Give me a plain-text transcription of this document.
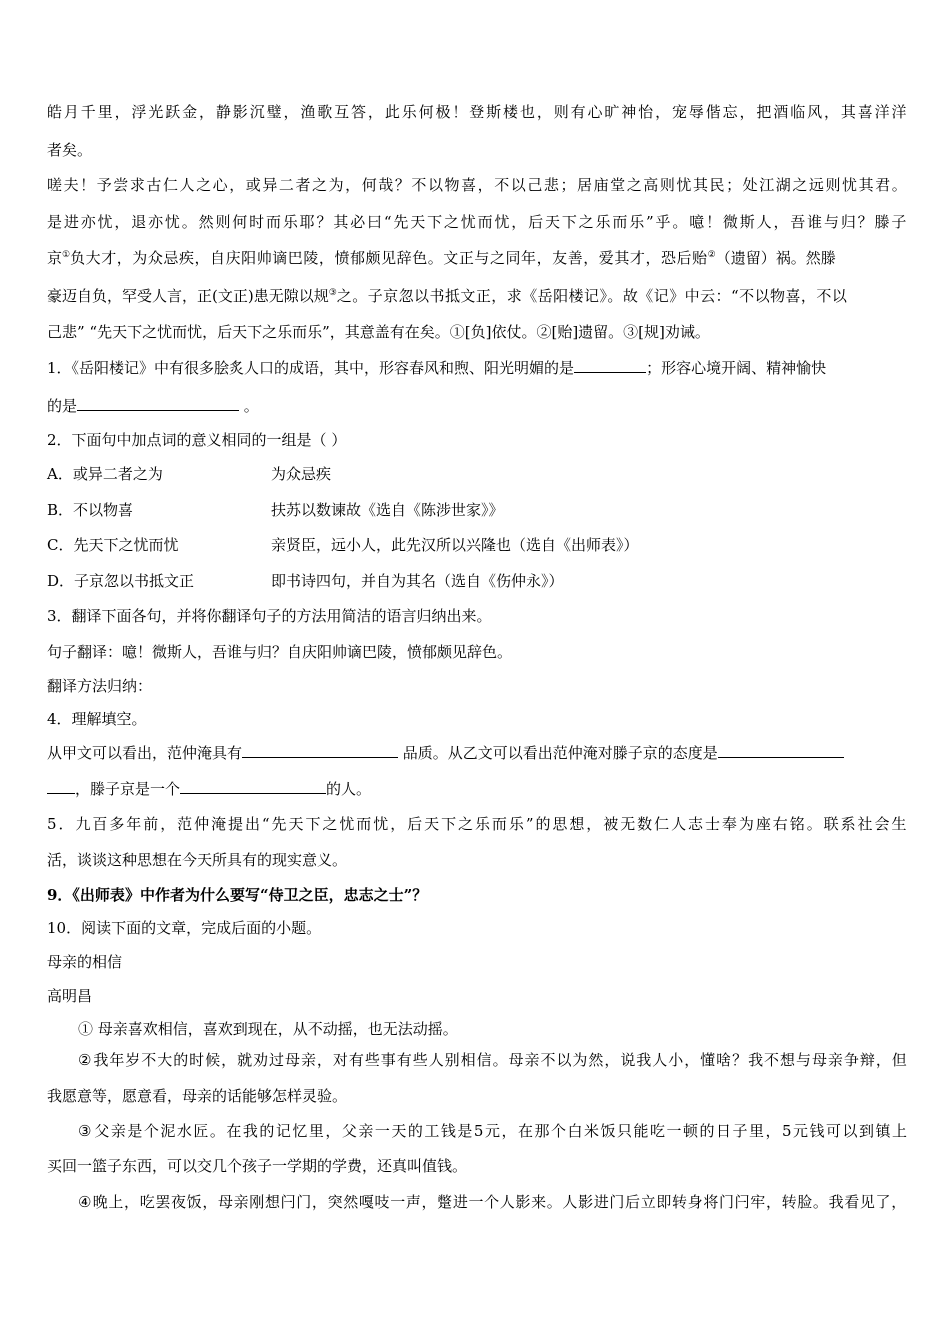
皓 月 千 里 ， 浮 光 跃 金 ， 静 影 沉 璧 ， 渔 歌 互 答 ， 此 乐 何 极 ！ 登 斯 楼 也 ， 则 有 心 旷 神 怡 ， 宠 辱 偕 忘 ， 把 酒 临 风 ， 其 喜 洋 洋
者矣。
嗟 夫 ！ 予 尝 求 古 仁 人 之 心 ， 或 异 二 者 之 为 ， 何 哉 ？ 不 以 物 喜 ， 不 以 己 悲 ； 居 庙 堂 之 高 则 忧 其 民 ； 处 江 湖 之 远 则 忧 其 君 。
是 进 亦 忧 ， 退 亦 忧 。 然 则 何 时 而 乐 耶 ？ 其 必 曰 “ 先 天 下 之 忧 而 忧 ， 后 天 下 之 乐 而 乐 ” 乎 。 噫 ！ 微 斯 人 ， 吾 谁 与 归 ？ 滕 子
京①负大才，为众忌疾，自庆阳帅谪巴陵，愤郁颇见辞色。文正与之同年，友善，爱其才，恐后贻②（遗留）祸。然滕
豪迈自负，罕受人言，正(文正)患无隙以规③之。子京忽以书抵文正，求《岳阳楼记》。故《记》中云：“不以物喜，不以
己悲” “先天下之忧而忧，后天下之乐而乐”，其意盖有在矣。①[负]依仗。②[贻]遗留。③[规]劝诫。
1．《岳阳楼记》中有很多脍炙人口的成语，其中，形容春风和煦、阳光明媚的是	；形容心境开阔、精神愉快
的是	。
2．下面句中加点词的意义相同的一组是（ ）
A．或异二者之为	为众忌疾
B．不以物喜	扶苏以数谏故《选自《陈涉世家》》
C．先天下之忧而忧	亲贤臣，远小人，此先汉所以兴隆也（选自《出师表》）
D．子京忽以书抵文正	即书诗四句，并自为其名（选自《伤仲永》）
3．翻译下面各句，并将你翻译句子的方法用简洁的语言归纳出来。
句子翻译：噫！微斯人，吾谁与归？自庆阳帅谪巴陵，愤郁颇见辞色。
翻译方法归纳：
4．理解填空。
从甲文可以看出，范仲淹具有	品质。从乙文可以看出范仲淹对滕子京的态度是
，滕子京是一个	的人。
5 ． 九 百 多 年 前 ， 范 仲 淹 提 出 “ 先 天 下 之 忧 而 忧 ， 后 天 下 之 乐 而 乐 ” 的 思 想 ， 被 无 数 仁 人 志 士 奉 为 座 右 铭 。 联 系 社 会 生
活，谈谈这种思想在今天所具有的现实意义。
9．《出师表》中作者为什么要写“侍卫之臣，忠志之士”？
10．阅读下面的文章，完成后面的小题。
母亲的相信
高明昌
① 母亲喜欢相信，喜欢到现在，从不动摇，也无法动摇。
② 我 年 岁 不 大 的 时 候 ， 就 劝 过 母 亲 ， 对 有 些 事 有 些 人 别 相 信 。 母 亲 不 以 为 然 ， 说 我 人 小 ， 懂 啥 ？ 我 不 想 与 母 亲 争 辩 ， 但
我愿意等，愿意看，母亲的话能够怎样灵验。
③ 父 亲 是 个 泥 水 匠 。 在 我 的 记 忆 里 ， 父 亲 一 天 的 工 钱 是 5 元 ， 在 那 个 白 米 饭 只 能 吃 一 顿 的 日 子 里 ， 5 元 钱 可 以 到 镇 上
买回一篮子东西，可以交几个孩子一学期的学费，还真叫值钱。
④ 晚 上 ， 吃 罢 夜 饭 ， 母 亲 刚 想 闩 门 ， 突 然 嘎 吱 一 声 ， 蹩 进 一 个 人 影 来 。 人 影 进 门 后 立 即 转 身 将 门 闩 牢 ， 转 脸 。 我 看 见 了 ，
